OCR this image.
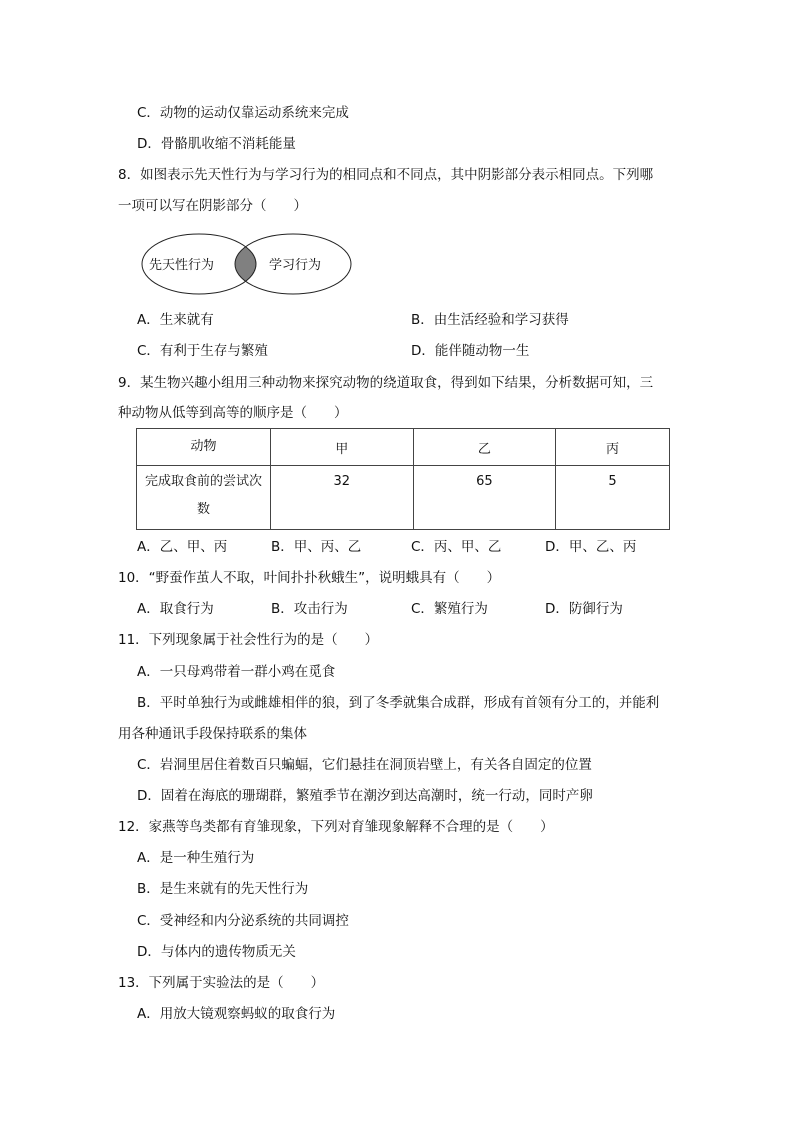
C．动物的运动仅靠运动系统来完成
D．骨骼肌收缩不消耗能量
8．如图表示先天性行为与学习行为的相同点和不同点，其中阴影部分表示相同点。下列哪
一项可以写在阴影部分（　　）
先天性行为	学习行为
A．生来就有	B．由生活经验和学习获得
C．有利于生存与繁殖	D．能伴随动物一生
9．某生物兴趣小组用三种动物来探究动物的绕道取食，得到如下结果，分析数据可知，三
种动物从低等到高等的顺序是（　　）
动物	甲	乙	丙

完成取食前的尝试次
数	32	65	5
A．乙、甲、丙	B．甲、丙、乙	C．丙、甲、乙	D．甲、乙、丙
10．“野蚕作茧人不取，叶间扑扑秋蛾生”，说明蛾具有（　　）
A．取食行为	B．攻击行为	C．繁殖行为	D．防御行为
11．下列现象属于社会性行为的是（　　）
A．一只母鸡带着一群小鸡在觅食
B．平时单独行为或雌雄相伴的狼，到了冬季就集合成群，形成有首领有分工的，并能利
用各种通讯手段保持联系的集体
C．岩洞里居住着数百只蝙蝠，它们悬挂在洞顶岩壁上，有关各自固定的位置
D．固着在海底的珊瑚群，繁殖季节在潮汐到达高潮时，统一行动，同时产卵
12．家燕等鸟类都有育雏现象，下列对育雏现象解释不合理的是（　　）
A．是一种生殖行为
B．是生来就有的先天性行为
C．受神经和内分泌系统的共同调控
D．与体内的遗传物质无关
13．下列属于实验法的是（　　）
A．用放大镜观察蚂蚁的取食行为
